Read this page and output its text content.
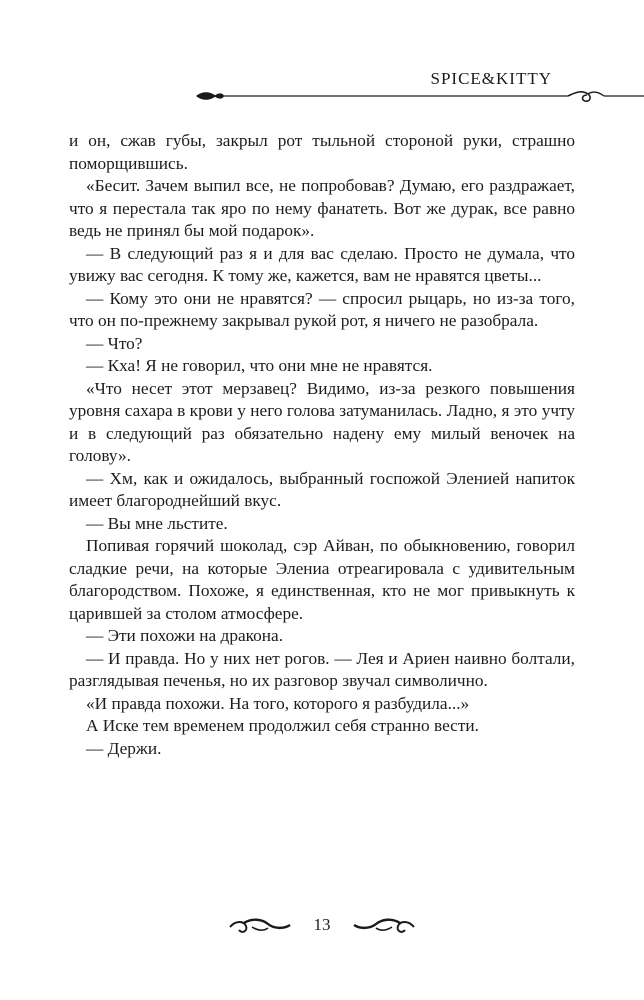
SPICE&KITTY

и он, сжав губы, закрыл рот тыльной стороной руки, страшно поморщившись.

«Бесит. Зачем выпил все, не попробовав? Думаю, его раздражает, что я перестала так яро по нему фанатеть. Вот же дурак, все равно ведь не принял бы мой подарок».

— В следующий раз я и для вас сделаю. Просто не думала, что увижу вас сегодня. К тому же, кажется, вам не нравятся цветы...

— Кому это они не нравятся? — спросил рыцарь, но из-за того, что он по-прежнему закрывал рукой рот, я ничего не разобрала.

— Что?

— Кха! Я не говорил, что они мне не нравятся.

«Что несет этот мерзавец? Видимо, из-за резкого повышения уровня сахара в крови у него голова затуманилась. Ладно, я это учту и в следующий раз обязательно надену ему милый веночек на голову».

— Хм, как и ожидалось, выбранный госпожой Эленией напиток имеет благороднейший вкус.

— Вы мне льстите.

Попивая горячий шоколад, сэр Айван, по обыкновению, говорил сладкие речи, на которые Элениа отреагировала с удивительным благородством. Похоже, я единственная, кто не мог привыкнуть к царившей за столом атмосфере.

— Эти похожи на дракона.

— И правда. Но у них нет рогов. — Лея и Ариен наивно болтали, разглядывая печенья, но их разговор звучал символично.

«И правда похожи. На того, которого я разбудила...»

А Иске тем временем продолжил себя странно вести.

— Держи.

13
